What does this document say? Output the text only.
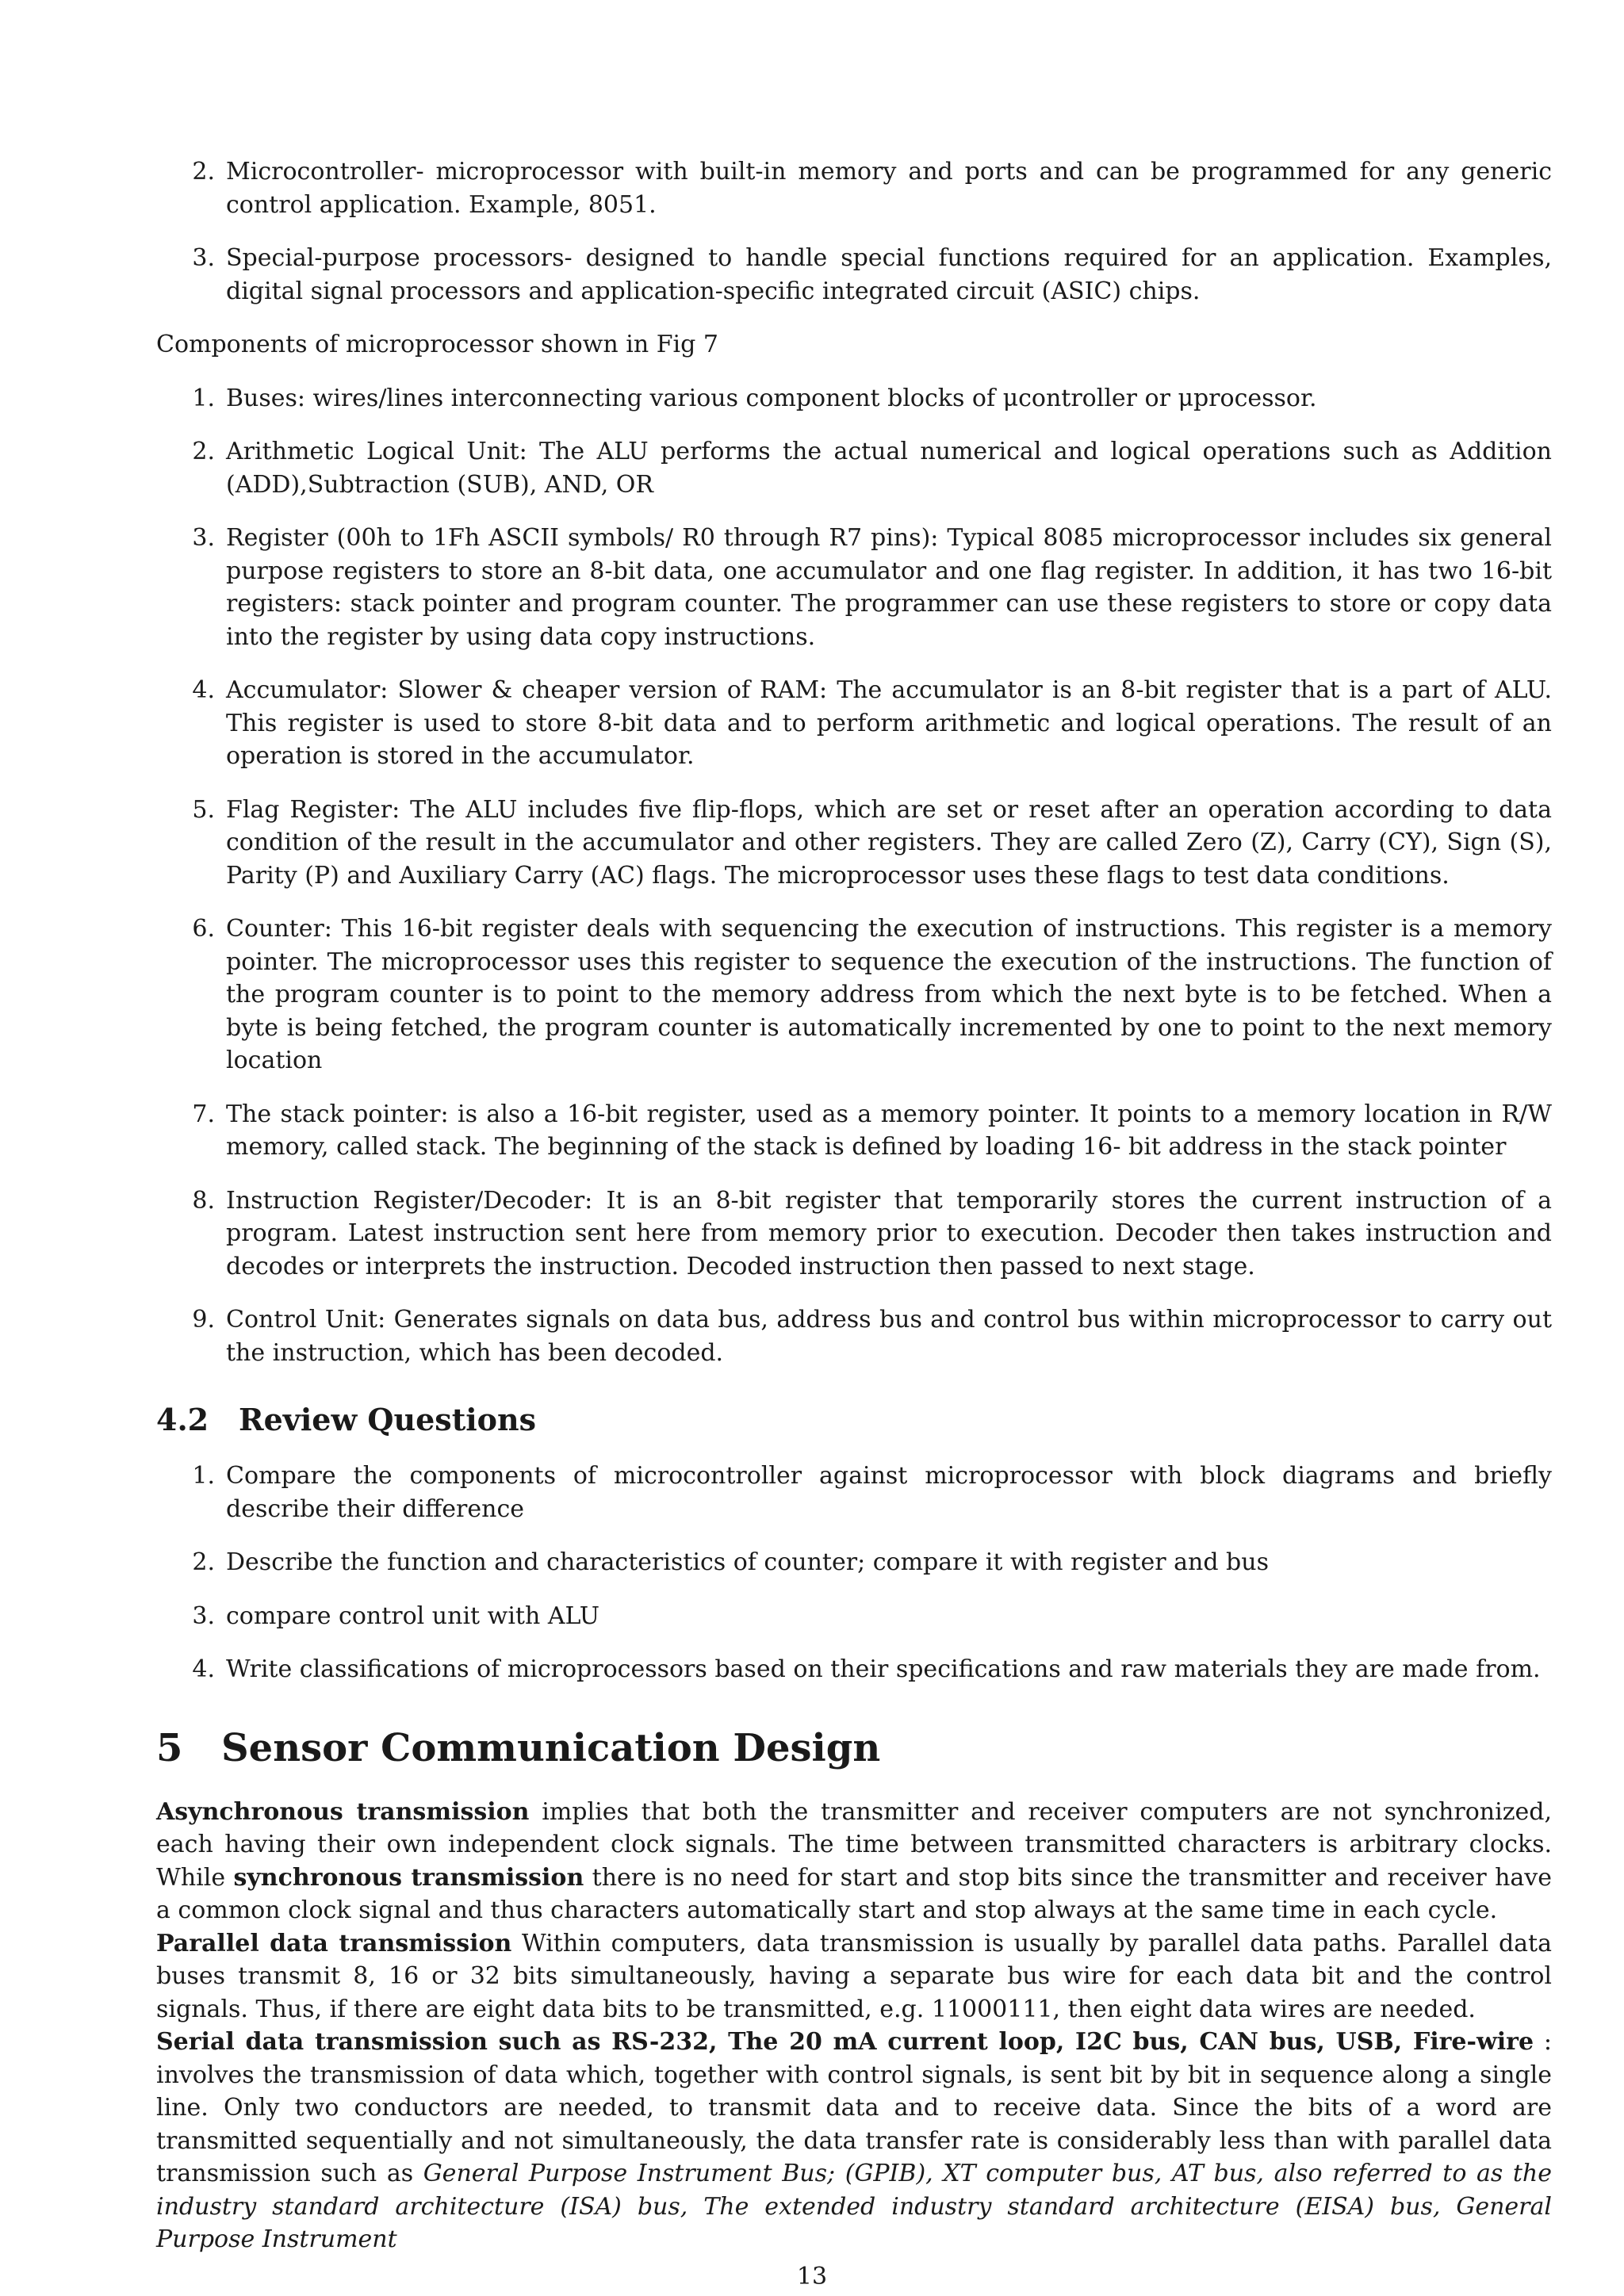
2. Microcontroller- microprocessor with built-in memory and ports and can be programmed for any generic control application. Example, 8051.
3. Special-purpose processors- designed to handle special functions required for an application. Examples, digital signal processors and application-specific integrated circuit (ASIC) chips.

Components of microprocessor shown in Fig 7

1. Buses: wires/lines interconnecting various component blocks of μcontroller or μprocessor.
2. Arithmetic Logical Unit: The ALU performs the actual numerical and logical operations such as Addition (ADD),Subtraction (SUB), AND, OR
3. Register (00h to 1Fh ASCII symbols/ R0 through R7 pins): Typical 8085 microprocessor includes six general purpose registers to store an 8-bit data, one accumulator and one flag register. In addition, it has two 16-bit registers: stack pointer and program counter. The programmer can use these registers to store or copy data into the register by using data copy instructions.
4. Accumulator: Slower & cheaper version of RAM: The accumulator is an 8-bit register that is a part of ALU. This register is used to store 8-bit data and to perform arithmetic and logical operations. The result of an operation is stored in the accumulator.
5. Flag Register: The ALU includes five flip-flops, which are set or reset after an operation according to data condition of the result in the accumulator and other registers. They are called Zero (Z), Carry (CY), Sign (S), Parity (P) and Auxiliary Carry (AC) flags. The microprocessor uses these flags to test data conditions.
6. Counter: This 16-bit register deals with sequencing the execution of instructions. This register is a memory pointer. The microprocessor uses this register to sequence the execution of the instructions. The function of the program counter is to point to the memory address from which the next byte is to be fetched. When a byte is being fetched, the program counter is automatically incremented by one to point to the next memory location
7. The stack pointer: is also a 16-bit register, used as a memory pointer. It points to a memory location in R/W memory, called stack. The beginning of the stack is defined by loading 16- bit address in the stack pointer
8. Instruction Register/Decoder: It is an 8-bit register that temporarily stores the current instruction of a program. Latest instruction sent here from memory prior to execution. Decoder then takes instruction and decodes or interprets the instruction. Decoded instruction then passed to next stage.
9. Control Unit: Generates signals on data bus, address bus and control bus within microprocessor to carry out the instruction, which has been decoded.
4.2 Review Questions
1. Compare the components of microcontroller against microprocessor with block diagrams and briefly describe their difference
2. Describe the function and characteristics of counter; compare it with register and bus
3. compare control unit with ALU
4. Write classifications of microprocessors based on their specifications and raw materials they are made from.
5 Sensor Communication Design

Asynchronous transmission implies that both the transmitter and receiver computers are not synchronized, each having their own independent clock signals. The time between transmitted characters is arbitrary clocks. While synchronous transmission there is no need for start and stop bits since the transmitter and receiver have a common clock signal and thus characters automatically start and stop always at the same time in each cycle.

Parallel data transmission Within computers, data transmission is usually by parallel data paths. Parallel data buses transmit 8, 16 or 32 bits simultaneously, having a separate bus wire for each data bit and the control signals. Thus, if there are eight data bits to be transmitted, e.g. 11000111, then eight data wires are needed.

Serial data transmission such as RS-232, The 20 mA current loop, I2C bus, CAN bus, USB, Fire-wire : involves the transmission of data which, together with control signals, is sent bit by bit in sequence along a single line. Only two conductors are needed, to transmit data and to receive data. Since the bits of a word are transmitted sequentially and not simultaneously, the data transfer rate is considerably less than with parallel data transmission such as General Purpose Instrument Bus; (GPIB), XT computer bus, AT bus, also referred to as the industry standard architecture (ISA) bus, The extended industry standard architecture (EISA) bus, General Purpose Instrument

13
